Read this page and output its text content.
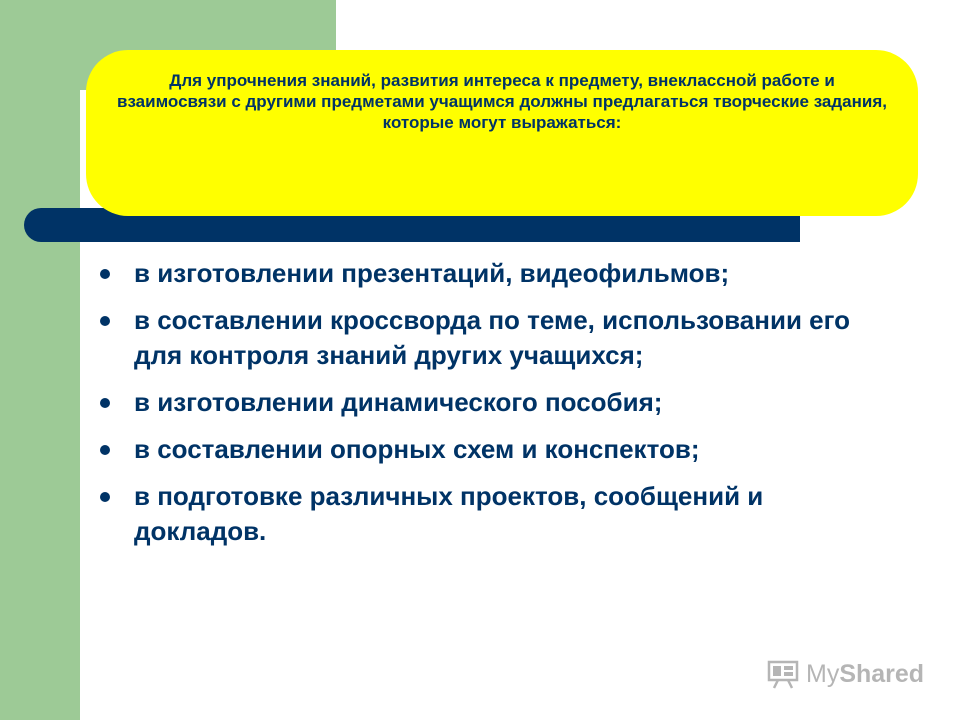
Для упрочнения знаний, развития интереса к предмету, внеклассной работе и взаимосвязи с другими предметами учащимся должны предлагаться творческие задания, которые могут выражаться:

в изготовлении презентаций, видеофильмов;
в составлении кроссворда по теме, использовании его для контроля знаний других учащихся;
в изготовлении динамического пособия;
в составлении опорных схем и конспектов;
в подготовке различных проектов, сообщений и докладов.
MyShared
